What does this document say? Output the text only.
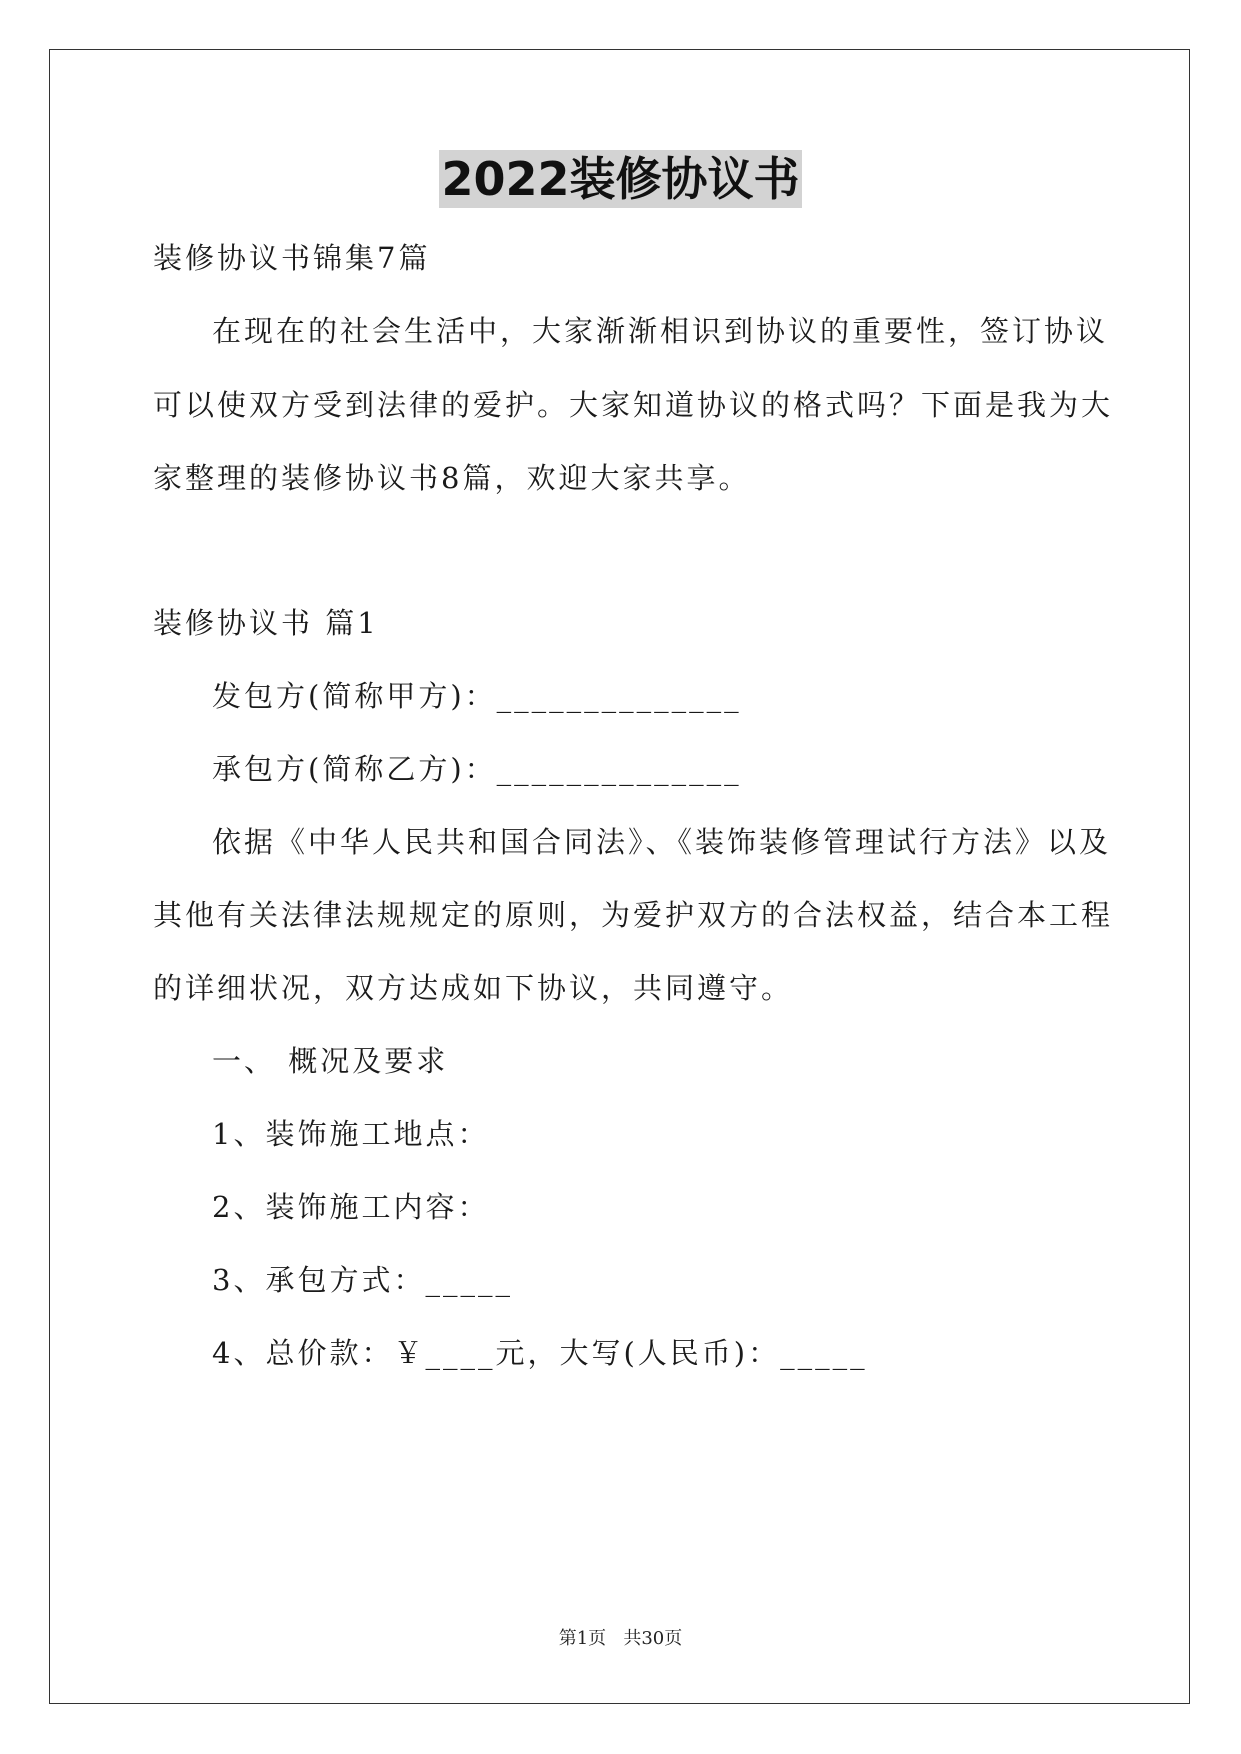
2022装修协议书
装修协议书锦集7篇
在现在的社会生活中，大家渐渐相识到协议的重要性，签订协议
可以使双方受到法律的爱护。大家知道协议的格式吗？下面是我为大
家整理的装修协议书8篇，欢迎大家共享。
装修协议书 篇1
发包方(简称甲方)：______________
承包方(简称乙方)：______________
依据《中华人民共和国合同法》、《装饰装修管理试行方法》以及
其他有关法律法规规定的原则，为爱护双方的合法权益，结合本工程
的详细状况，双方达成如下协议，共同遵守。
一、 概况及要求
1、装饰施工地点：
2、装饰施工内容：
3、承包方式：_____
4、总价款：￥____元，大写(人民币)：_____
第1页   共30页
